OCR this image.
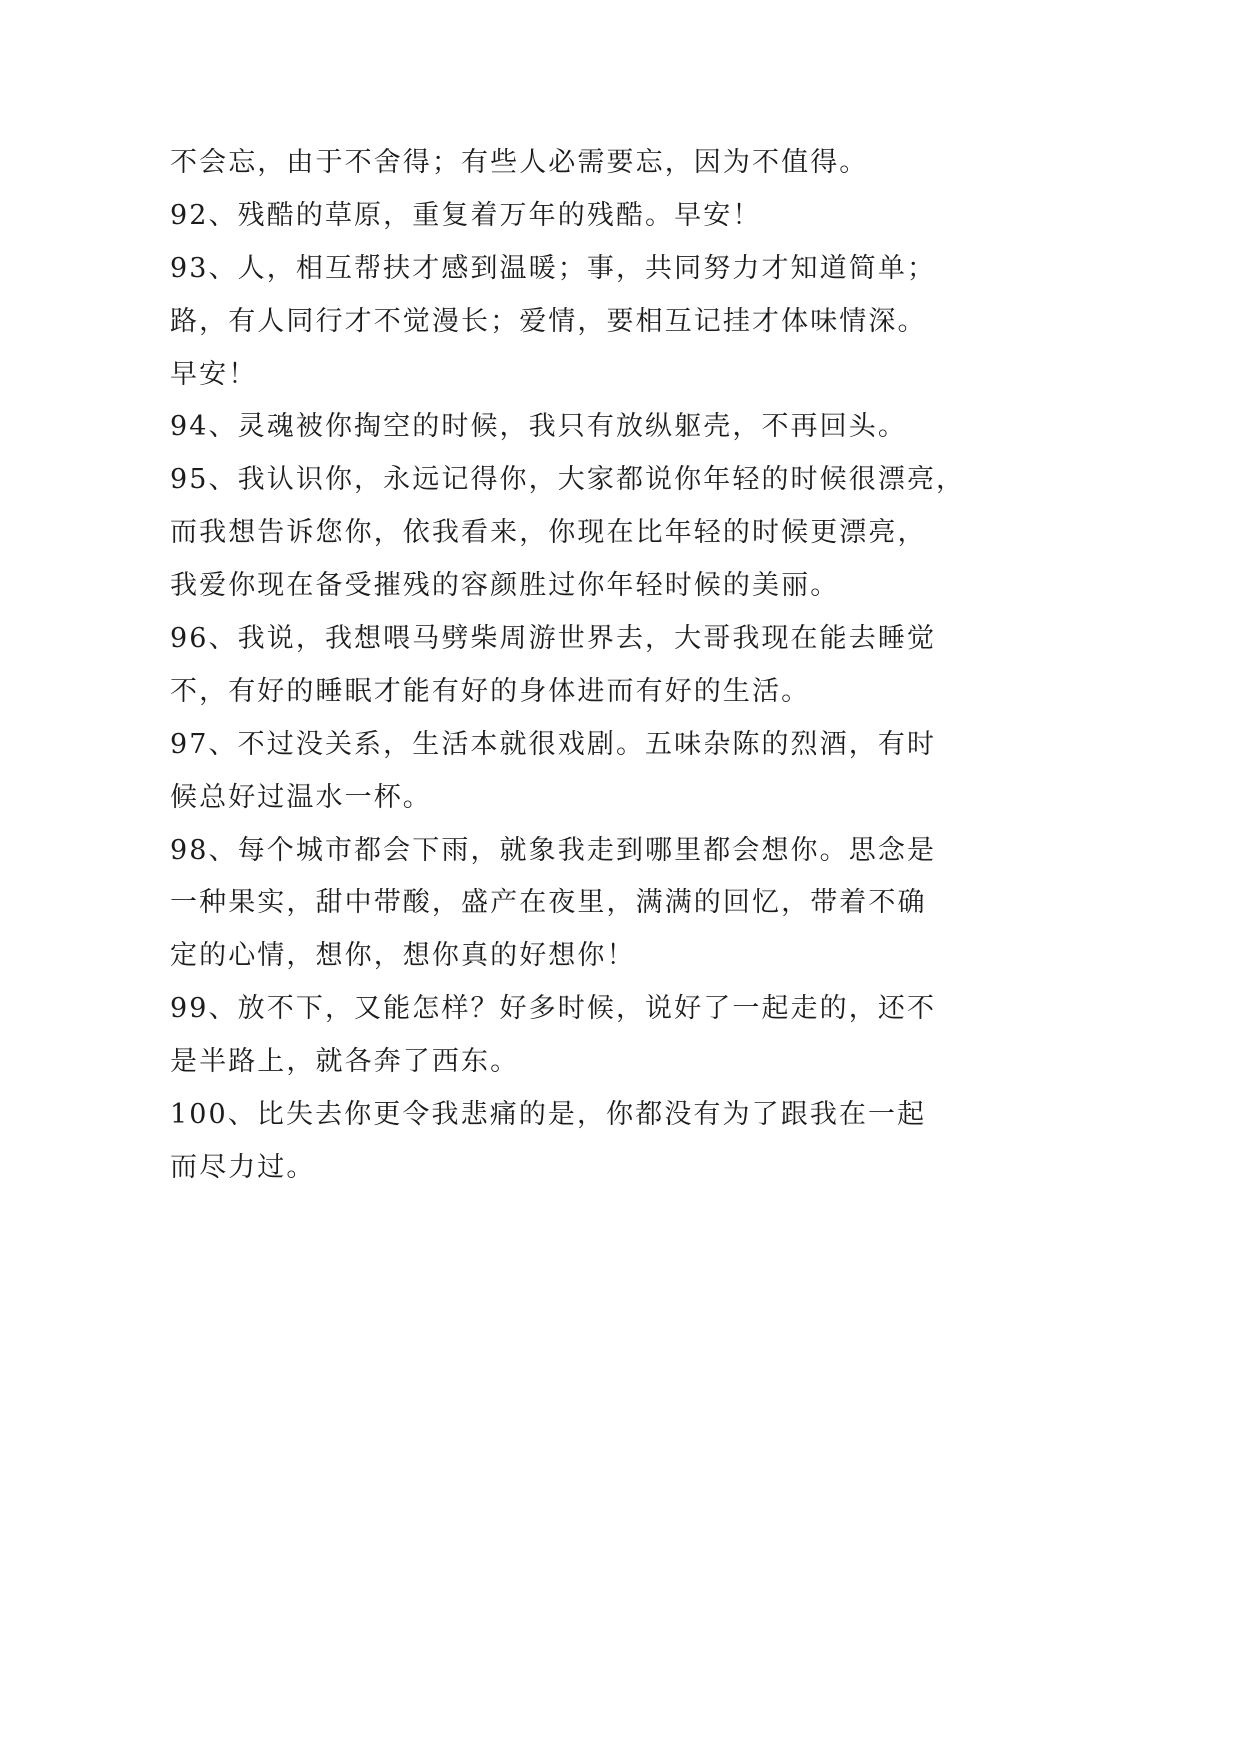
不会忘，由于不舍得；有些人必需要忘，因为不值得。
92、残酷的草原，重复着万年的残酷。早安！
93、人，相互帮扶才感到温暖；事，共同努力才知道简单；
路，有人同行才不觉漫长；爱情，要相互记挂才体味情深。
早安！
94、灵魂被你掏空的时候，我只有放纵躯壳，不再回头。
95、我认识你，永远记得你，大家都说你年轻的时候很漂亮，
而我想告诉您你，依我看来，你现在比年轻的时候更漂亮，
我爱你现在备受摧残的容颜胜过你年轻时候的美丽。
96、我说，我想喂马劈柴周游世界去，大哥我现在能去睡觉
不，有好的睡眠才能有好的身体进而有好的生活。
97、不过没关系，生活本就很戏剧。五味杂陈的烈酒，有时
候总好过温水一杯。
98、每个城市都会下雨，就象我走到哪里都会想你。思念是
一种果实，甜中带酸，盛产在夜里，满满的回忆，带着不确
定的心情，想你，想你真的好想你！
99、放不下，又能怎样？好多时候，说好了一起走的，还不
是半路上，就各奔了西东。
100、比失去你更令我悲痛的是，你都没有为了跟我在一起
而尽力过。
